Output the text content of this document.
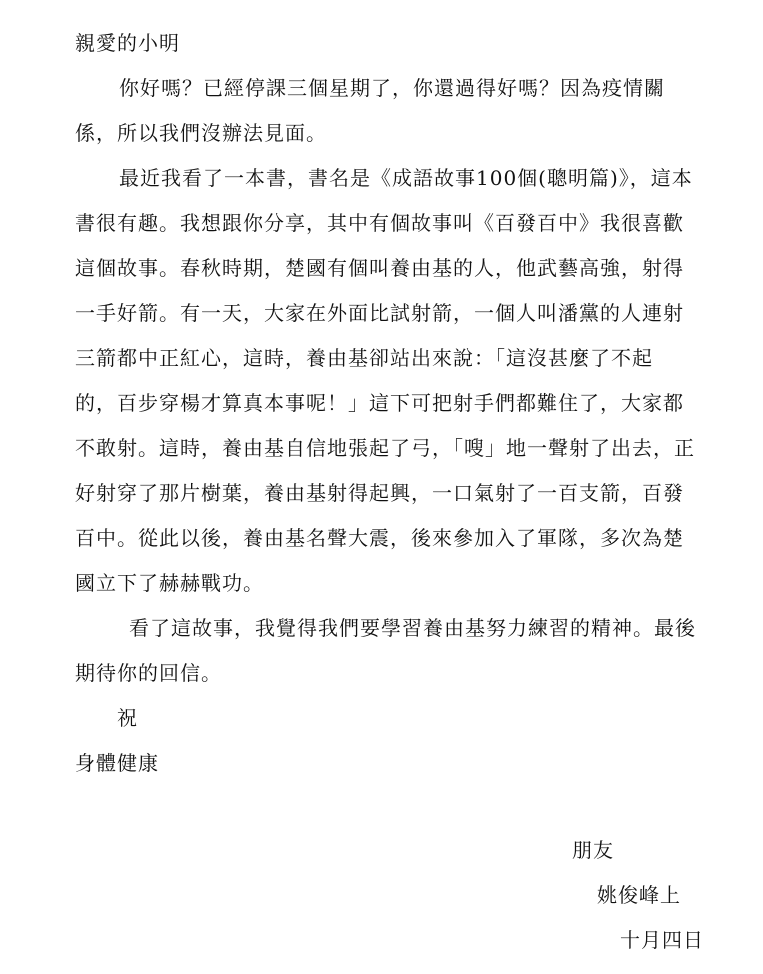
親愛的小明
你好嗎？已經停課三個星期了，你還過得好嗎？因為疫情關
係，所以我們沒辦法見面。
最近我看了一本書，書名是《成語故事100個(聰明篇)》，這本
書很有趣。我想跟你分享，其中有個故事叫《百發百中》我很喜歡
這個故事。春秋時期，楚國有個叫養由基的人，他武藝高強，射得
一手好箭。有一天，大家在外面比試射箭，一個人叫潘黨的人連射
三箭都中正紅心，這時，養由基卻站出來說：「這沒甚麼了不起
的，百步穿楊才算真本事呢！」這下可把射手們都難住了，大家都
不敢射。這時，養由基自信地張起了弓，「嗖」地一聲射了出去，正
好射穿了那片樹葉，養由基射得起興，一口氣射了一百支箭，百發
百中。從此以後，養由基名聲大震，後來參加入了軍隊，多次為楚
國立下了赫赫戰功。
看了這故事，我覺得我們要學習養由基努力練習的精神。最後
期待你的回信。
祝
身體健康
朋友
姚俊峰上
十月四日
